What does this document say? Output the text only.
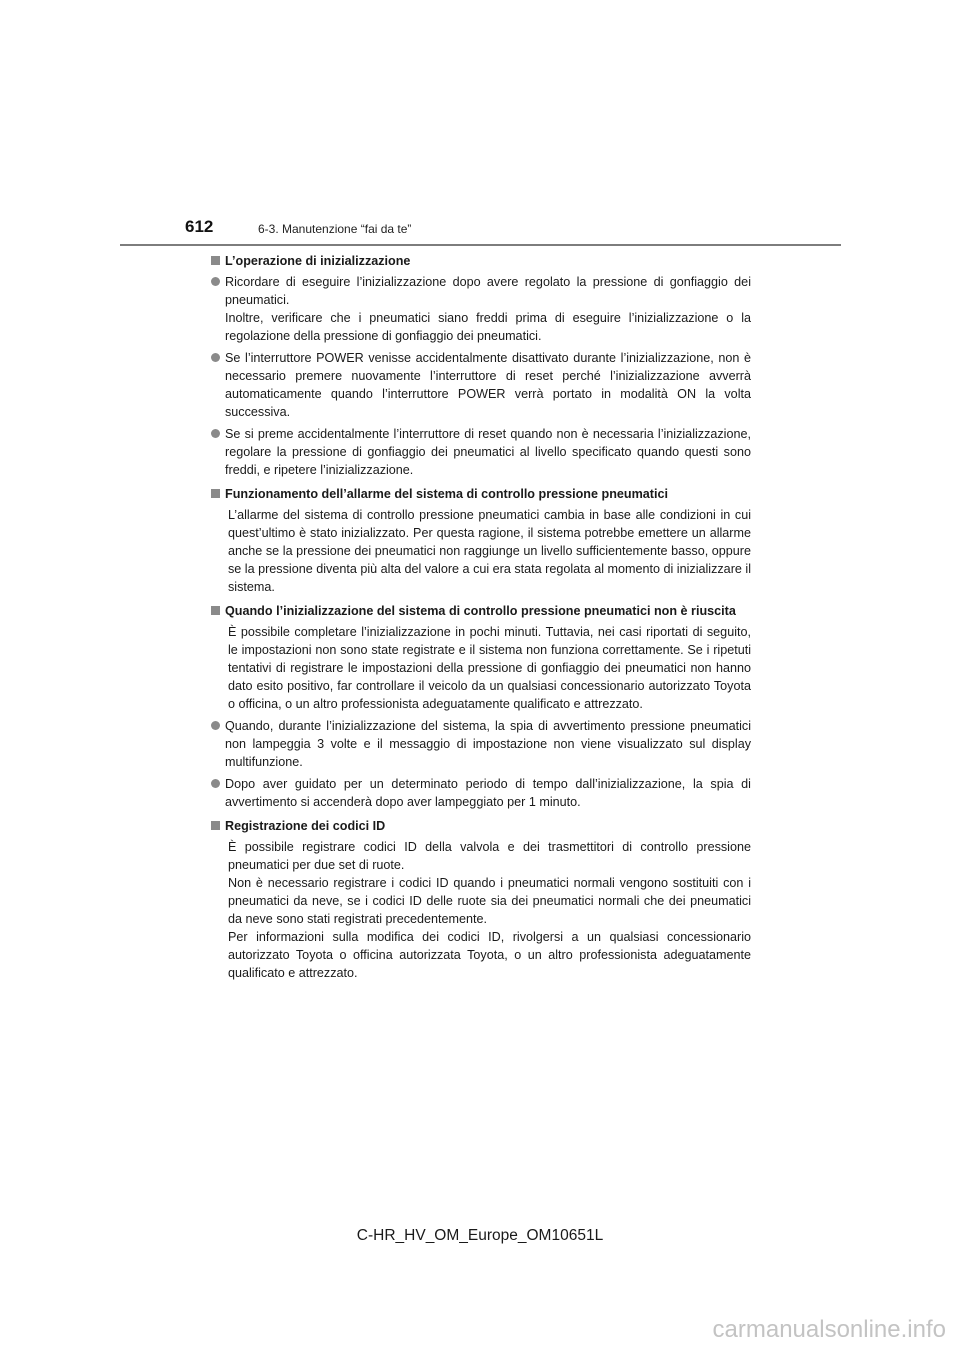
612	6-3. Manutenzione “fai da te”
L’operazione di inizializzazione
Ricordare di eseguire l’inizializzazione dopo avere regolato la pressione di gonfiaggio dei pneumatici.
Inoltre, verificare che i pneumatici siano freddi prima di eseguire l’inizializzazione o la regolazione della pressione di gonfiaggio dei pneumatici.
Se l’interruttore POWER venisse accidentalmente disattivato durante l’inizializzazione, non è necessario premere nuovamente l’interruttore di reset perché l’inizializzazione avverrà automaticamente quando l’interruttore POWER verrà portato in modalità ON la volta successiva.
Se si preme accidentalmente l’interruttore di reset quando non è necessaria l’inizializzazione, regolare la pressione di gonfiaggio dei pneumatici al livello specificato quando questi sono freddi, e ripetere l’inizializzazione.
Funzionamento dell’allarme del sistema di controllo pressione pneumatici
L’allarme del sistema di controllo pressione pneumatici cambia in base alle condizioni in cui quest’ultimo è stato inizializzato. Per questa ragione, il sistema potrebbe emettere un allarme anche se la pressione dei pneumatici non raggiunge un livello sufficientemente basso, oppure se la pressione diventa più alta del valore a cui era stata regolata al momento di inizializzare il sistema.
Quando l’inizializzazione del sistema di controllo pressione pneumatici non è riuscita
È possibile completare l’inizializzazione in pochi minuti. Tuttavia, nei casi riportati di seguito, le impostazioni non sono state registrate e il sistema non funziona correttamente. Se i ripetuti tentativi di registrare le impostazioni della pressione di gonfiaggio dei pneumatici non hanno dato esito positivo, far controllare il veicolo da un qualsiasi concessionario autorizzato Toyota o officina, o un altro professionista adeguatamente qualificato e attrezzato.
Quando, durante l’inizializzazione del sistema, la spia di avvertimento pressione pneumatici non lampeggia 3 volte e il messaggio di impostazione non viene visualizzato sul display multifunzione.
Dopo aver guidato per un determinato periodo di tempo dall’inizializzazione, la spia di avvertimento si accenderà dopo aver lampeggiato per 1 minuto.
Registrazione dei codici ID
È possibile registrare codici ID della valvola e dei trasmettitori di controllo pressione pneumatici per due set di ruote.
Non è necessario registrare i codici ID quando i pneumatici normali vengono sostituiti con i pneumatici da neve, se i codici ID delle ruote sia dei pneumatici normali che dei pneumatici da neve sono stati registrati precedentemente.
Per informazioni sulla modifica dei codici ID, rivolgersi a un qualsiasi concessionario autorizzato Toyota o officina autorizzata Toyota, o un altro professionista adeguatamente qualificato e attrezzato.
C-HR_HV_OM_Europe_OM10651L
carmanualsonline.info
